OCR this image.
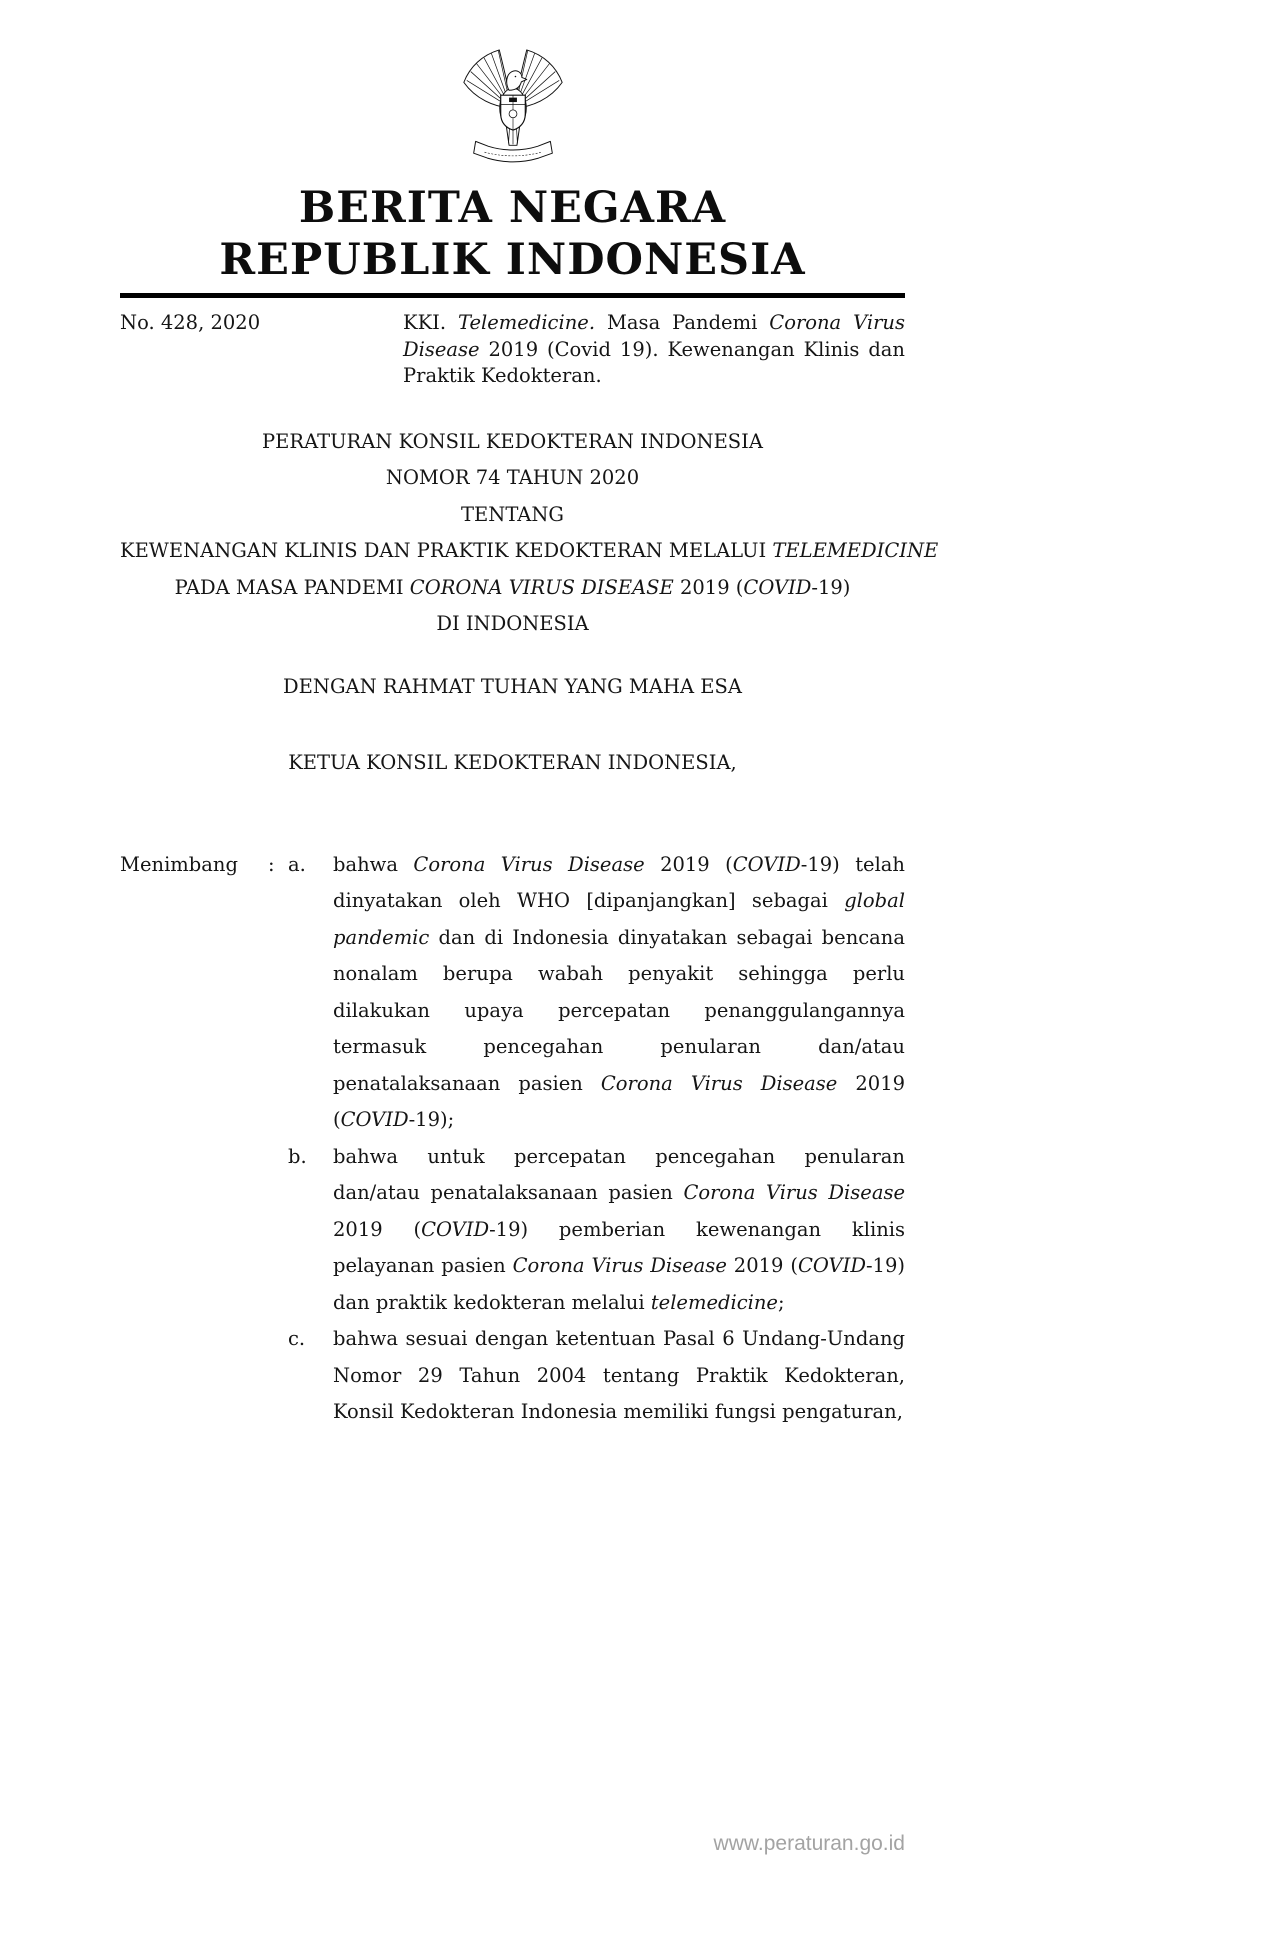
BERITA NEGARA
REPUBLIK INDONESIA
No. 428, 2020	KKI. Telemedicine. Masa Pandemi Corona Virus Disease 2019 (Covid 19). Kewenangan Klinis dan Praktik Kedokteran.
PERATURAN KONSIL KEDOKTERAN INDONESIA
NOMOR 74 TAHUN 2020
TENTANG
KEWENANGAN KLINIS DAN PRAKTIK KEDOKTERAN MELALUI TELEMEDICINE
PADA MASA PANDEMI CORONA VIRUS DISEASE 2019 (COVID-19)
DI INDONESIA
DENGAN RAHMAT TUHAN YANG MAHA ESA
KETUA KONSIL KEDOKTERAN INDONESIA,
Menimbang	: a.	bahwa Corona Virus Disease 2019 (COVID-19) telah dinyatakan oleh WHO [dipanjangkan] sebagai global pandemic dan di Indonesia dinyatakan sebagai bencana nonalam berupa wabah penyakit sehingga perlu dilakukan upaya percepatan penanggulangannya termasuk pencegahan penularan dan/atau penatalaksanaan pasien Corona Virus Disease 2019 (COVID-19);

b.	bahwa untuk percepatan pencegahan penularan dan/atau penatalaksanaan pasien Corona Virus Disease 2019 (COVID-19) pemberian kewenangan klinis pelayanan pasien Corona Virus Disease 2019 (COVID-19) dan praktik kedokteran melalui telemedicine;

c.	bahwa sesuai dengan ketentuan Pasal 6 Undang-Undang Nomor 29 Tahun 2004 tentang Praktik Kedokteran, Konsil Kedokteran Indonesia memiliki fungsi pengaturan,

www.peraturan.go.id
